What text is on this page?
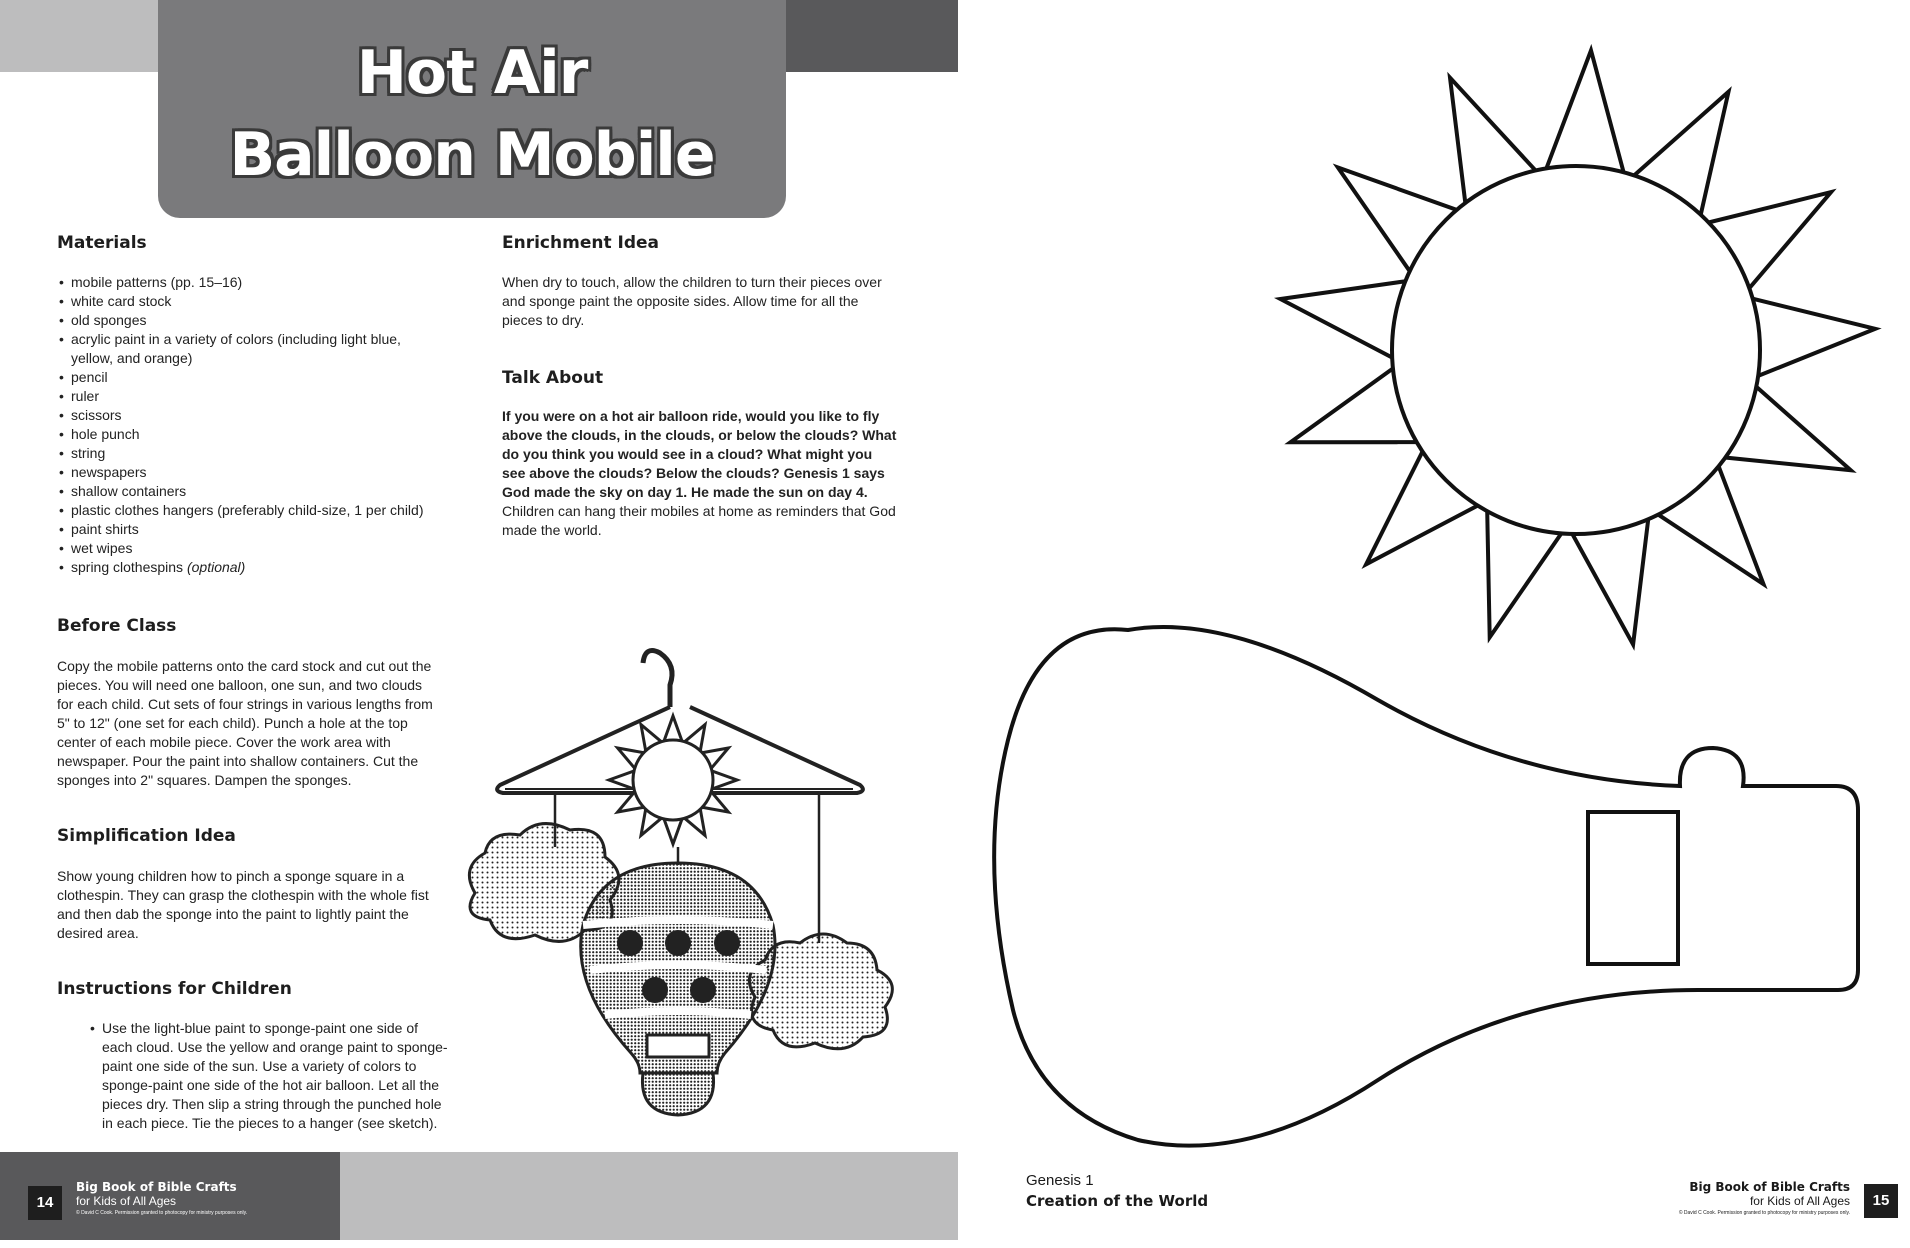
Hot Air
Balloon Mobile
Materials
• mobile patterns (pp. 15–16)
• white card stock
• old sponges
• acrylic paint in a variety of colors (including light blue, yellow, and orange)
• pencil
• ruler
• scissors
• hole punch
• string
• newspapers
• shallow containers
• plastic clothes hangers (preferably child-size, 1 per child)
• paint shirts
• wet wipes
• spring clothespins (optional)
Before Class
Copy the mobile patterns onto the card stock and cut out the pieces. You will need one balloon, one sun, and two clouds for each child. Cut sets of four strings in various lengths from 5" to 12" (one set for each child). Punch a hole at the top center of each mobile piece. Cover the work area with newspaper. Pour the paint into shallow containers. Cut the sponges into 2" squares. Dampen the sponges.
Simplification Idea
Show young children how to pinch a sponge square in a clothespin. They can grasp the clothespin with the whole fist and then dab the sponge into the paint to lightly paint the desired area.
Instructions for Children
• Use the light-blue paint to sponge-paint one side of each cloud. Use the yellow and orange paint to sponge-paint one side of the sun. Use a variety of colors to sponge-paint one side of the hot air balloon. Let all the pieces dry. Then slip a string through the punched hole in each piece. Tie the pieces to a hanger (see sketch).
Enrichment Idea
When dry to touch, allow the children to turn their pieces over and sponge paint the opposite sides. Allow time for all the pieces to dry.
Talk About
If you were on a hot air balloon ride, would you like to fly above the clouds, in the clouds, or below the clouds? What do you think you would see in a cloud? What might you see above the clouds? Below the clouds? Genesis 1 says God made the sky on day 1. He made the sun on day 4. Children can hang their mobiles at home as reminders that God made the world.
14
Big Book of Bible Crafts
for Kids of All Ages
© David C Cook. Permission granted to photocopy for ministry purposes only.
Genesis 1
Creation of the World
Big Book of Bible Crafts
for Kids of All Ages
© David C Cook. Permission granted to photocopy for ministry purposes only.
15
